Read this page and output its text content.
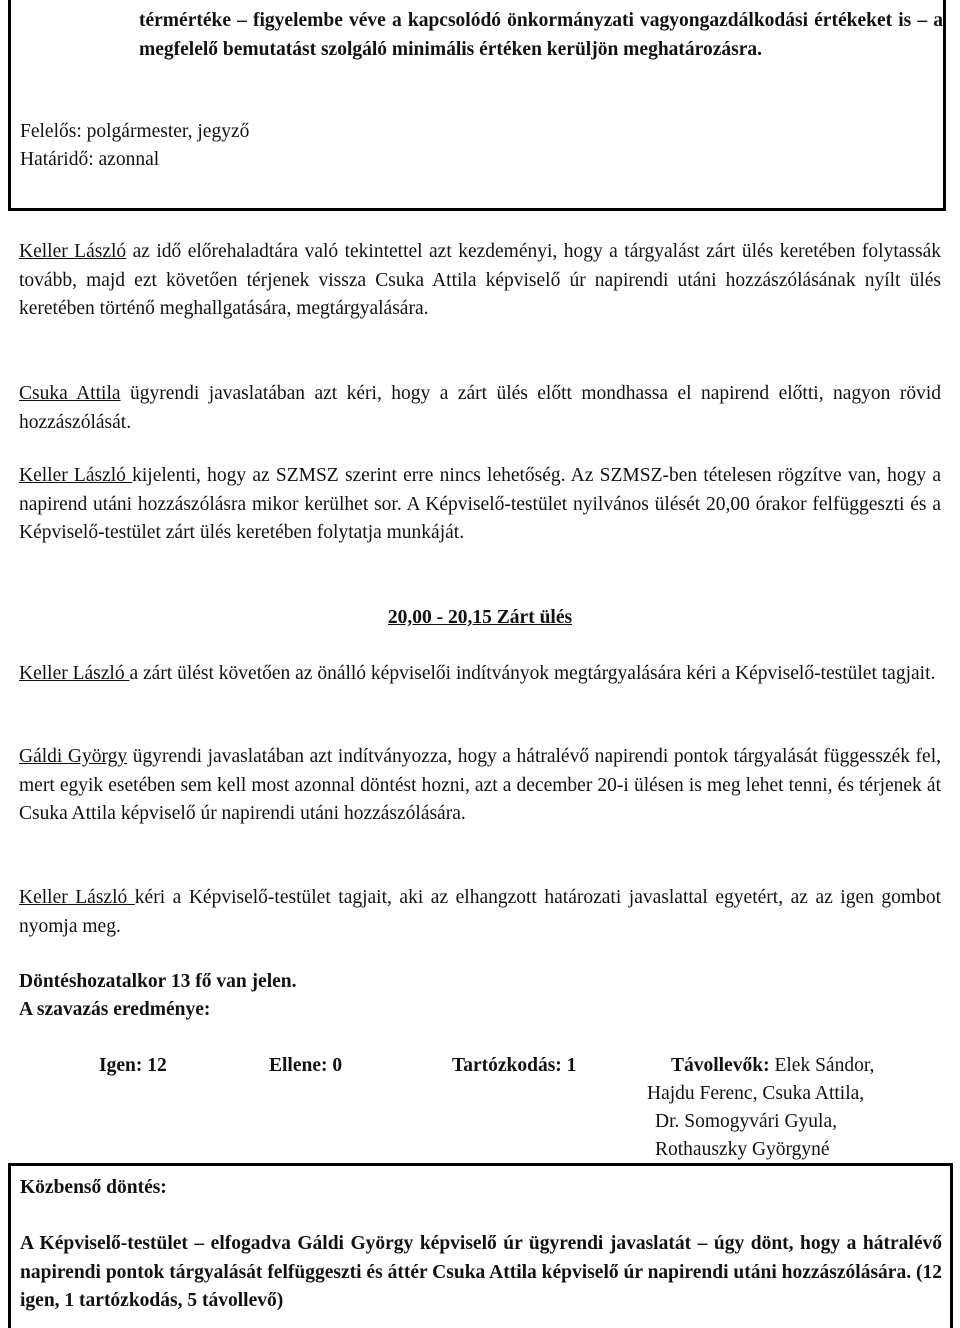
térmértéke – figyelembe véve a kapcsolódó önkormányzati vagyongazdálkodási értékeket is – a megfelelő bemutatást szolgáló minimális értéken kerüljön meghatározásra.
Felelős: polgármester, jegyző
Határidő: azonnal
Keller László az idő előrehaladtára való tekintettel azt kezdeményi, hogy a tárgyalást zárt ülés keretében folytassák tovább, majd ezt követően térjenek vissza Csuka Attila képviselő úr napirendi utáni hozzászólásának nyílt ülés keretében történő meghallgatására, megtárgyalására.
Csuka Attila ügyrendi javaslatában azt kéri, hogy a zárt ülés előtt mondhassa el napirend előtti, nagyon rövid hozzászólását.
Keller László kijelenti, hogy az SZMSZ szerint erre nincs lehetőség. Az SZMSZ-ben tételesen rögzítve van, hogy a napirend utáni hozzászólásra mikor kerülhet sor. A Képviselő-testület nyilvános ülését 20,00 órakor felfüggeszti és a Képviselő-testület zárt ülés keretében folytatja munkáját.
20,00 - 20,15 Zárt ülés
Keller László a zárt ülést követően az önálló képviselői indítványok megtárgyalására kéri a Képviselő-testület tagjait.
Gáldi György ügyrendi javaslatában azt indítványozza, hogy a hátralévő napirendi pontok tárgyalását függesszék fel, mert egyik esetében sem kell most azonnal döntést hozni, azt a december 20-i ülésen is meg lehet tenni, és térjenek át Csuka Attila képviselő úr napirendi utáni hozzászólására.
Keller László kéri a Képviselő-testület tagjait, aki az elhangzott határozati javaslattal egyetért, az az igen gombot nyomja meg.
Döntéshozatalkor 13 fő van jelen.
A szavazás eredménye:
Igen: 12	Ellene: 0	Tartózkodás: 1	Távollevők: Elek Sándor,
Hajdu Ferenc, Csuka Attila,
Dr. Somogyvári Gyula,
Rothauszky Györgyné
Közbenső döntés:
A Képviselő-testület – elfogadva Gáldi György képviselő úr ügyrendi javaslatát – úgy dönt, hogy a hátralévő napirendi pontok tárgyalását felfüggeszti és áttér Csuka Attila képviselő úr napirendi utáni hozzászólására. (12 igen, 1 tartózkodás, 5 távollevő)
